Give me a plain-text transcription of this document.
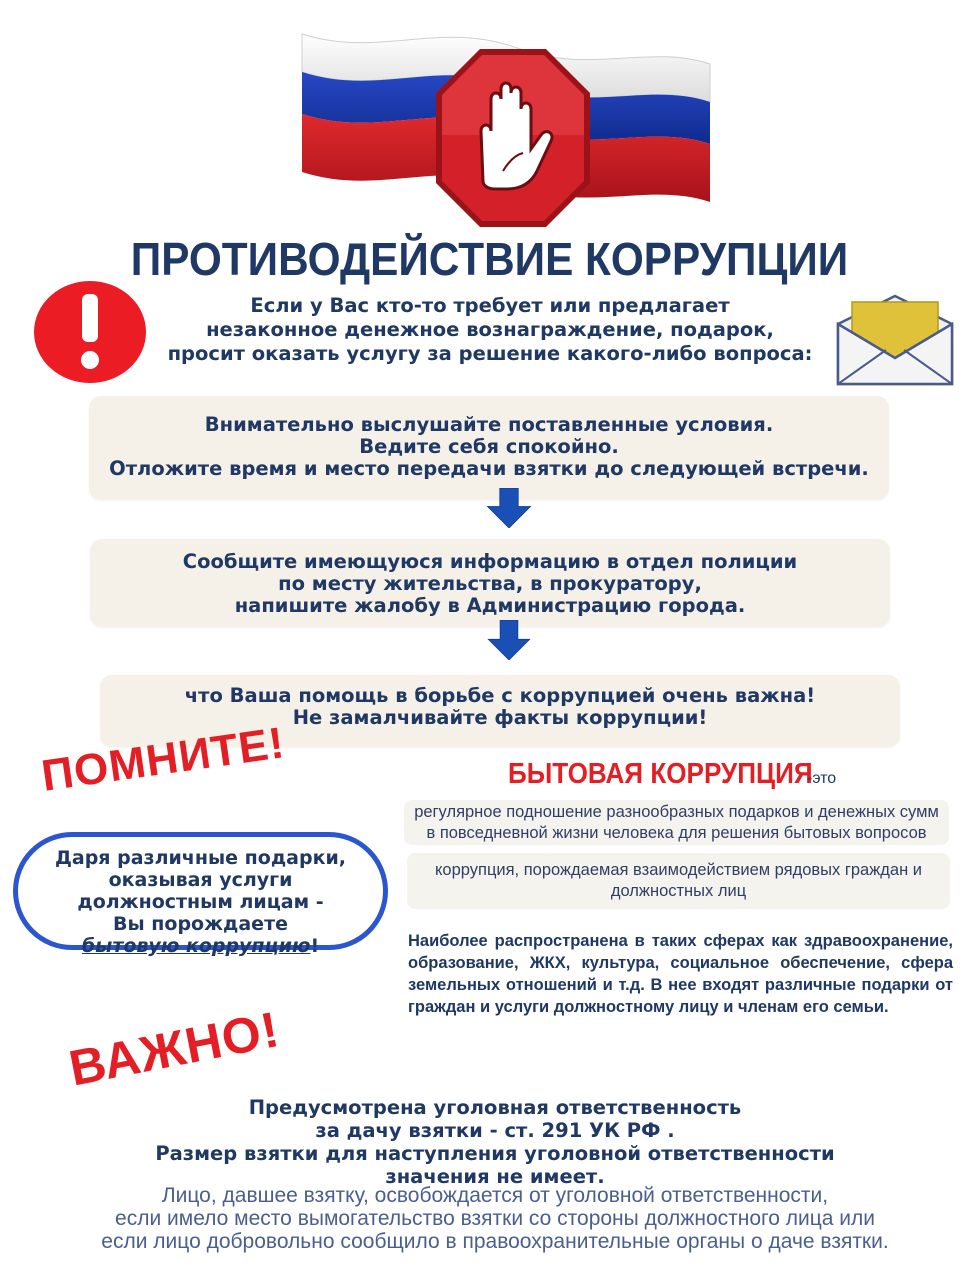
ПРОТИВОДЕЙСТВИЕ КОРРУПЦИИ
Если у Вас кто-то требует или предлагает
незаконное денежное вознаграждение, подарок,
просит оказать услугу за решение какого-либо вопроса:
Внимательно выслушайте поставленные условия.
Ведите себя спокойно.
Отложите время и место передачи взятки до следующей встречи.
Сообщите имеющуюся информацию в отдел полиции
по месту жительства, в прокуратору,
напишите жалобу в Администрацию города.
что Ваша помощь в борьбе с коррупцией очень важна!
Не замалчивайте факты коррупции!
ПОМНИТЕ!
Даря различные подарки,
оказывая услуги
должностным лицам -
Вы порождаете
бытовую коррупцию!
БЫТОВАЯ КОРРУПЦИЯ
-это
регулярное подношение разнообразных подарков и денежных сумм
в повседневной жизни человека для решения бытовых вопросов
коррупция, порождаемая взаимодействием рядовых граждан и
должностных лиц
Наиболее распространена в таких сферах как здравоохранение, образование, ЖКХ, культура, социальное обеспечение, сфера земельных отношений и т.д. В нее входят различные подарки от граждан и услуги должностному лицу и членам его семьи.
ВАЖНО!
Предусмотрена уголовная ответственность
за дачу взятки - ст. 291 УК РФ .
Размер взятки для наступления уголовной ответственности
значения не имеет.
Лицо, давшее взятку, освобождается от уголовной ответственности,
если имело место вымогательство взятки со стороны должностного лица или
если лицо добровольно сообщило в правоохранительные органы о даче взятки.
